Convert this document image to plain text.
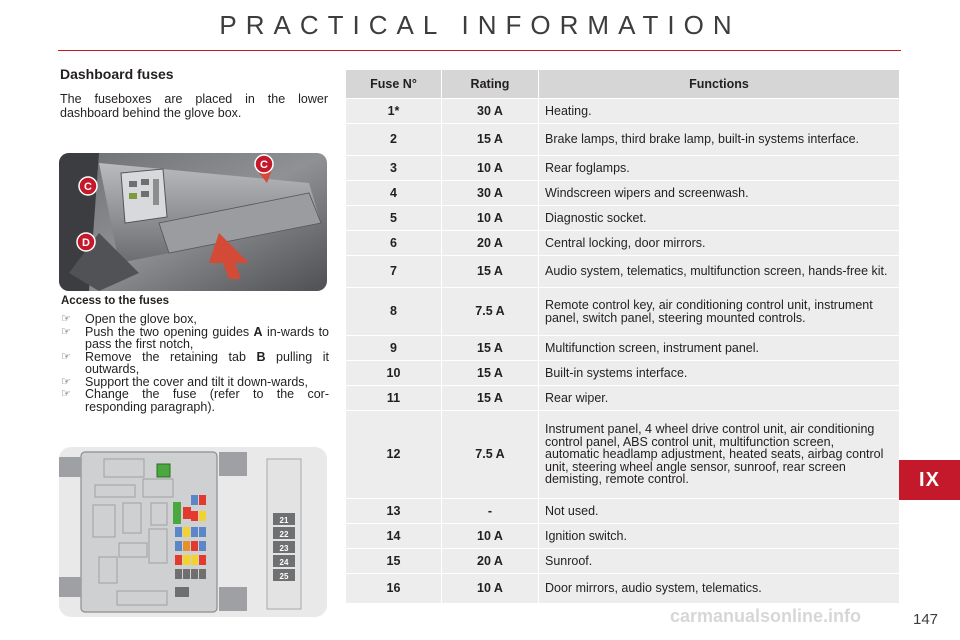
PRACTICAL INFORMATION
Dashboard fuses
The fuseboxes are placed in the lower dashboard behind the glove box.
C
C
D
Access to the fuses
☞ Open the glove box,
☞ Push the two opening guides A in-wards to pass the first notch,
☞ Remove the retaining tab B pulling it outwards,
☞ Support the cover and tilt it down-wards,
☞ Change the fuse (refer to the cor-responding paragraph).
21
22
23
24
25
Fuse N°	Rating	Functions
1*	30 A	Heating.
2	15 A	Brake lamps, third brake lamp, built-in systems interface.
3	10 A	Rear foglamps.
4	30 A	Windscreen wipers and screenwash.
5	10 A	Diagnostic socket.
6	20 A	Central locking, door mirrors.
7	15 A	Audio system, telematics, multifunction screen, hands-free kit.
8	7.5 A	Remote control key, air conditioning control unit, instrument panel, switch panel, steering mounted controls.
9	15 A	Multifunction screen, instrument panel.
10	15 A	Built-in systems interface.
11	15 A	Rear wiper.
12	7.5 A	Instrument panel, 4 wheel drive control unit, air conditioning control panel, ABS control unit, multifunction screen, automatic headlamp adjustment, heated seats, airbag control unit, steering wheel angle sensor, sunroof, rear screen demisting, remote control.
13	-	Not used.
14	10 A	Ignition switch.
15	20 A	Sunroof.
16	10 A	Door mirrors, audio system, telematics.
IX
carmanualsonline.info	147
